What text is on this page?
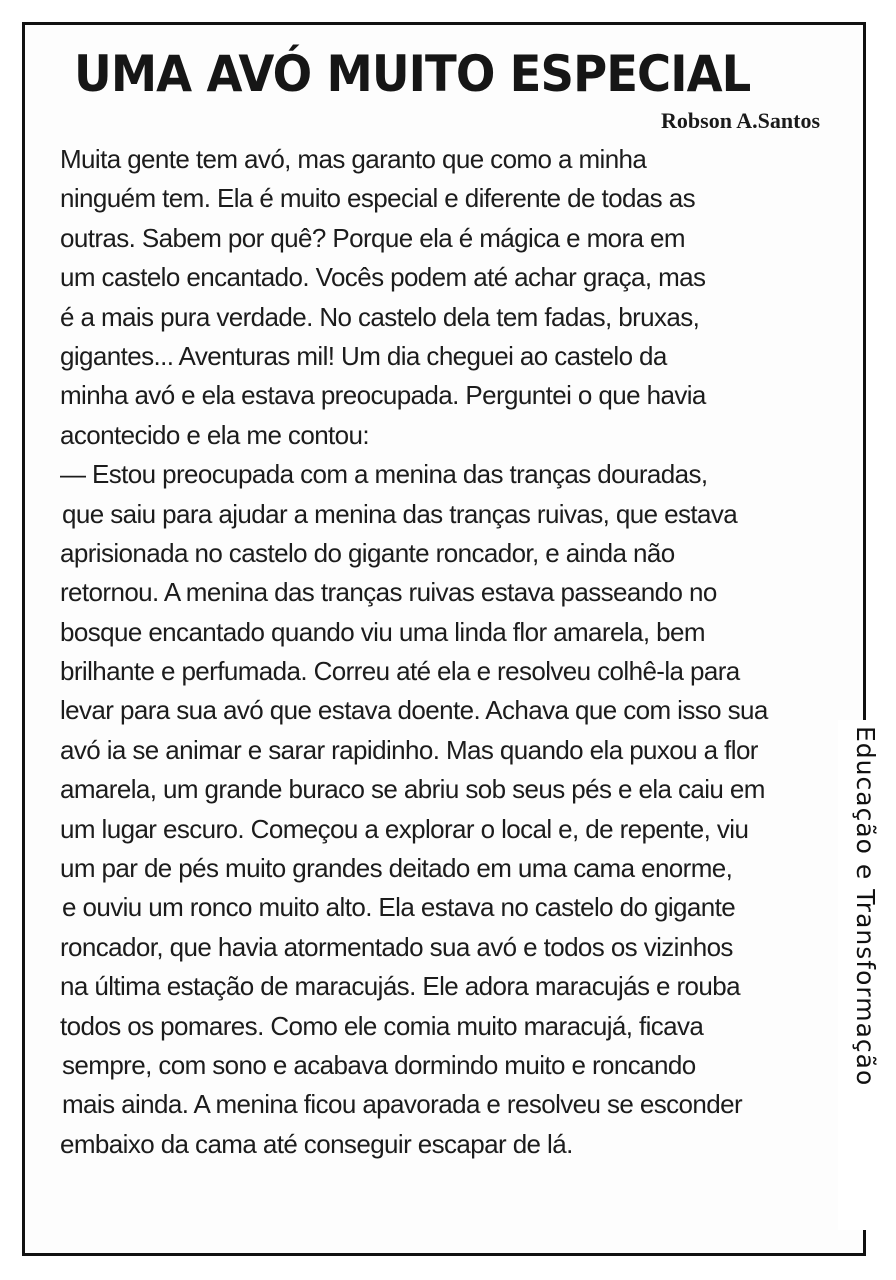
UMA AVÓ MUITO ESPECIAL
Robson A.Santos
Muita gente tem avó, mas garanto que como a minha
ninguém tem. Ela é muito especial e diferente de todas as
outras. Sabem por quê? Porque ela é mágica e mora em
um castelo encantado. Vocês podem até achar graça, mas
é a mais pura verdade. No castelo dela tem fadas, bruxas,
gigantes... Aventuras mil! Um dia cheguei ao castelo da
minha avó e ela estava preocupada. Perguntei o que havia
acontecido e ela me contou:
— Estou preocupada com a menina das tranças douradas,
que saiu para ajudar a menina das tranças ruivas, que estava
aprisionada no castelo do gigante roncador, e ainda não
retornou. A menina das tranças ruivas estava passeando no
bosque encantado quando viu uma linda flor amarela, bem
brilhante e perfumada. Correu até ela e resolveu colhê-la para
levar para sua avó que estava doente. Achava que com isso sua
avó ia se animar e sarar rapidinho. Mas quando ela puxou a flor
amarela, um grande buraco se abriu sob seus pés e ela caiu em
um lugar escuro. Começou a explorar o local e, de repente, viu
um par de pés muito grandes deitado em uma cama enorme,
e ouviu um ronco muito alto. Ela estava no castelo do gigante
roncador, que havia atormentado sua avó e todos os vizinhos
na última estação de maracujás. Ele adora maracujás e rouba
todos os pomares. Como ele comia muito maracujá, ficava
sempre, com sono e acabava dormindo muito e roncando
mais ainda. A menina ficou apavorada e resolveu se esconder
embaixo da cama até conseguir escapar de lá.
Educação e Transformação
